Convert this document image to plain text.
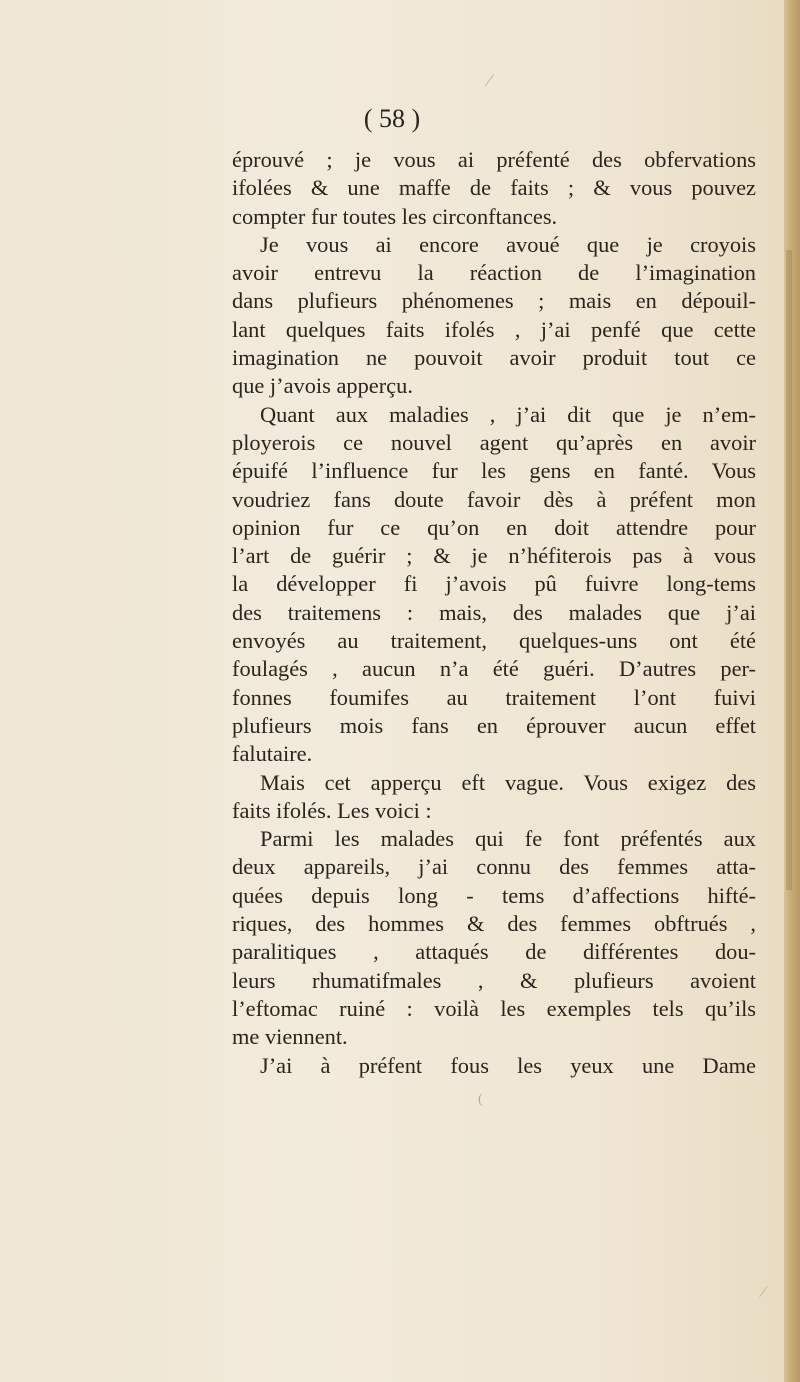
∕
( 58 )
éprouvé ; je vous ai préfenté des obfervations
ifolées & une maffe de faits ; & vous pouvez
compter fur toutes les circonftances.
Je vous ai encore avoué que je croyois
avoir entrevu la réaction de l’imagination
dans plufieurs phénomenes ; mais en dépouil-
lant quelques faits ifolés , j’ai penfé que cette
imagination ne pouvoit avoir produit tout ce
que j’avois apperçu.
Quant aux maladies , j’ai dit que je n’em-
ployerois ce nouvel agent qu’après en avoir
épuifé l’influence fur les gens en fanté. Vous
voudriez fans doute favoir dès à préfent mon
opinion fur ce qu’on en doit attendre pour
l’art de guérir ; & je n’héfiterois pas à vous
la développer fi j’avois pû fuivre long-tems
des traitemens : mais, des malades que j’ai
envoyés au traitement, quelques-uns ont été
foulagés , aucun n’a été guéri. D’autres per-
fonnes foumifes au traitement l’ont fuivi
plufieurs mois fans en éprouver aucun effet
falutaire.
Mais cet apperçu eft vague. Vous exigez des
faits ifolés. Les voici :
Parmi les malades qui fe font préfentés aux
deux appareils, j’ai connu des femmes atta-
quées depuis long - tems d’affections hifté-
riques, des hommes & des femmes obftrués ,
paralitiques , attaqués de différentes dou-
leurs rhumatifmales , & plufieurs avoient
l’eftomac ruiné : voilà les exemples tels qu’ils
me viennent.
J’ai à préfent fous les yeux une Dame
(
∕
